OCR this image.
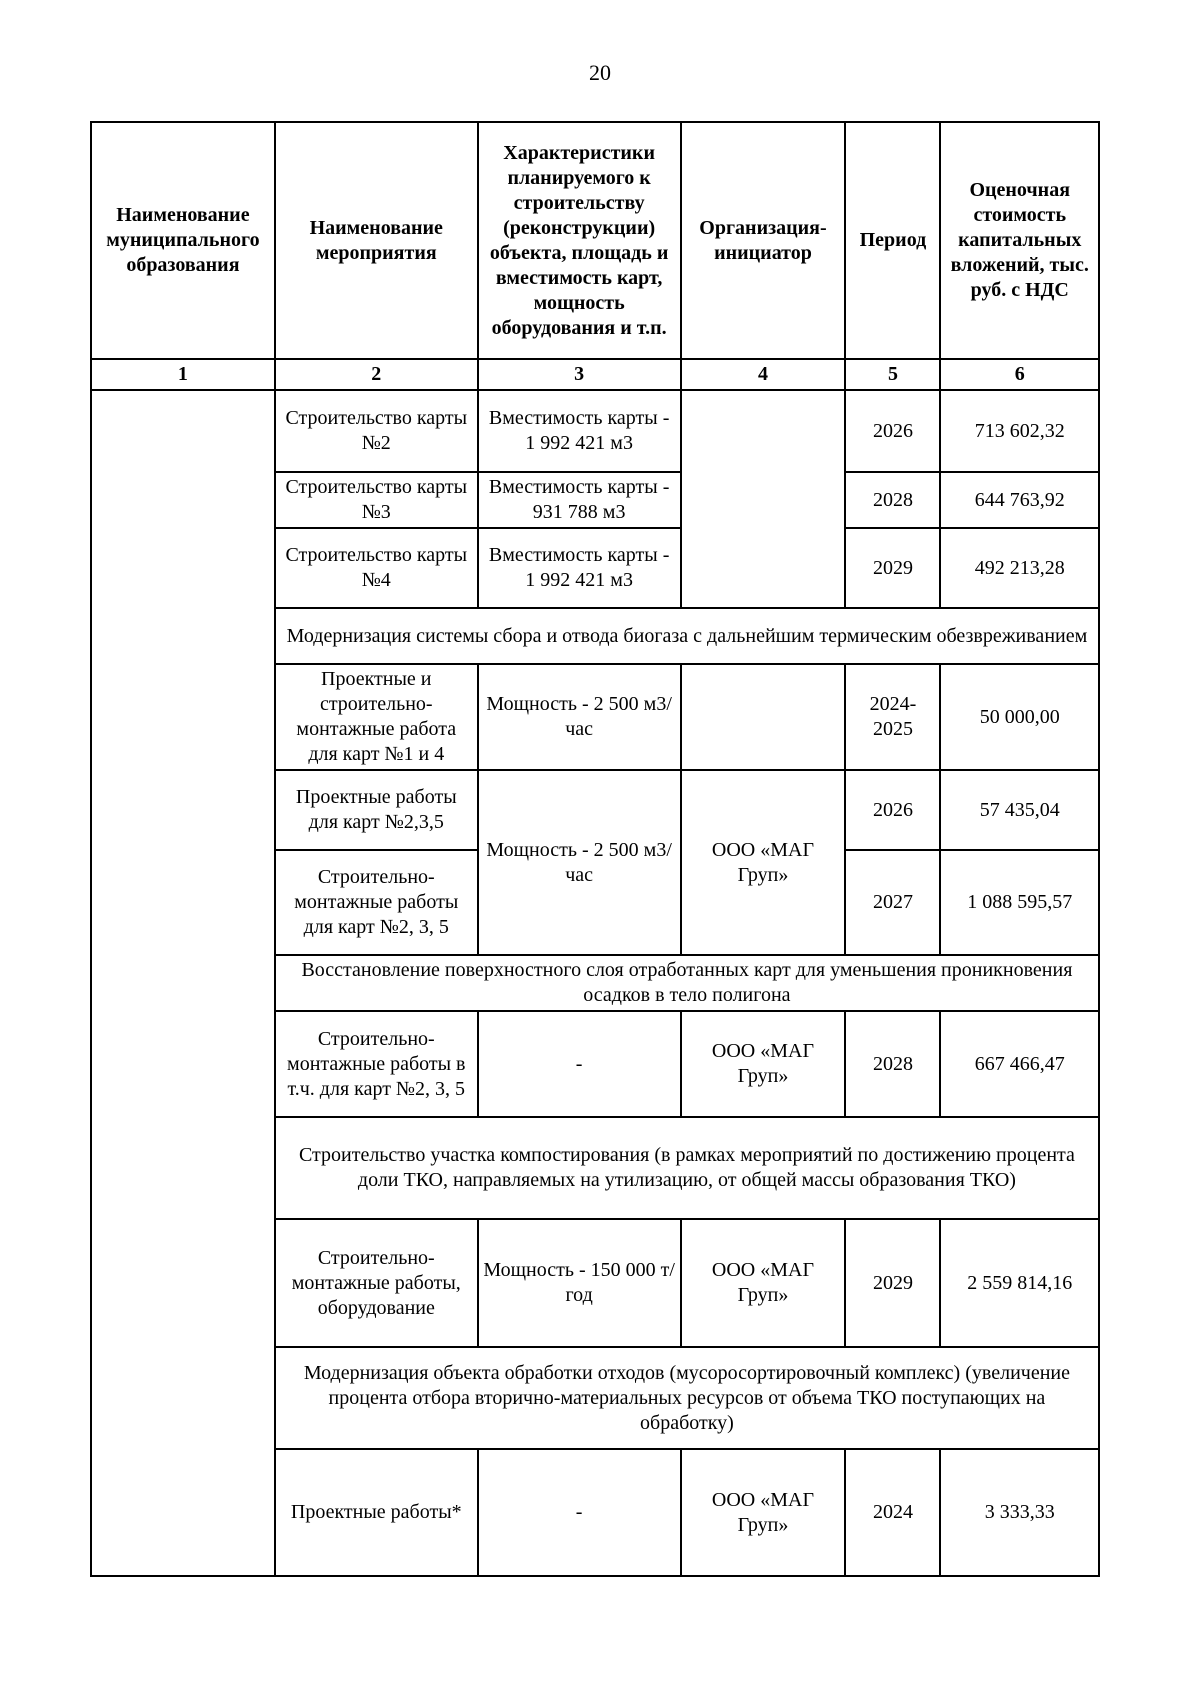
20
Наименование муниципального образования	Наименование мероприятия	Характеристики планируемого к строительству (реконструкции) объекта, площадь и вместимость карт, мощность оборудования и т.п.	Организация-инициатор	Период	Оценочная стоимость капитальных вложений, тыс. руб. с НДС
1	2	3	4	5	6
	Строительство карты №2	Вместимость карты - 1 992 421 м3		2026	713 602,32
	Строительство карты №3	Вместимость карты - 931 788 м3		2028	644 763,92
	Строительство карты №4	Вместимость карты - 1 992 421 м3		2029	492 213,28
	Модернизация системы сбора и отвода биогаза с дальнейшим термическим обезвреживанием				
	Проектные и строительно-монтажные работа для карт №1 и 4	Мощность - 2 500 м3/час		2024-2025	50 000,00
	Проектные работы для карт №2,3,5	Мощность - 2 500 м3/час	ООО «МАГ Груп»	2026	57 435,04
	Строительно-монтажные работы для карт №2, 3, 5			2027	1 088 595,57
	Восстановление поверхностного слоя отработанных карт для уменьшения проникновения осадков в тело полигона				
	Строительно-монтажные работы в т.ч. для карт №2, 3, 5	-	ООО «МАГ Груп»	2028	667 466,47
	Строительство участка компостирования (в рамках мероприятий по достижению процента доли ТКО, направляемых на утилизацию, от общей массы образования ТКО)				
	Строительно-монтажные работы, оборудование	Мощность - 150 000 т/год	ООО «МАГ Груп»	2029	2 559 814,16
	Модернизация объекта обработки отходов (мусоросортировочный комплекс) (увеличение процента отбора вторично-материальных ресурсов от объема ТКО поступающих на обработку)				
	Проектные работы*	-	ООО «МАГ Груп»	2024	3 333,33
